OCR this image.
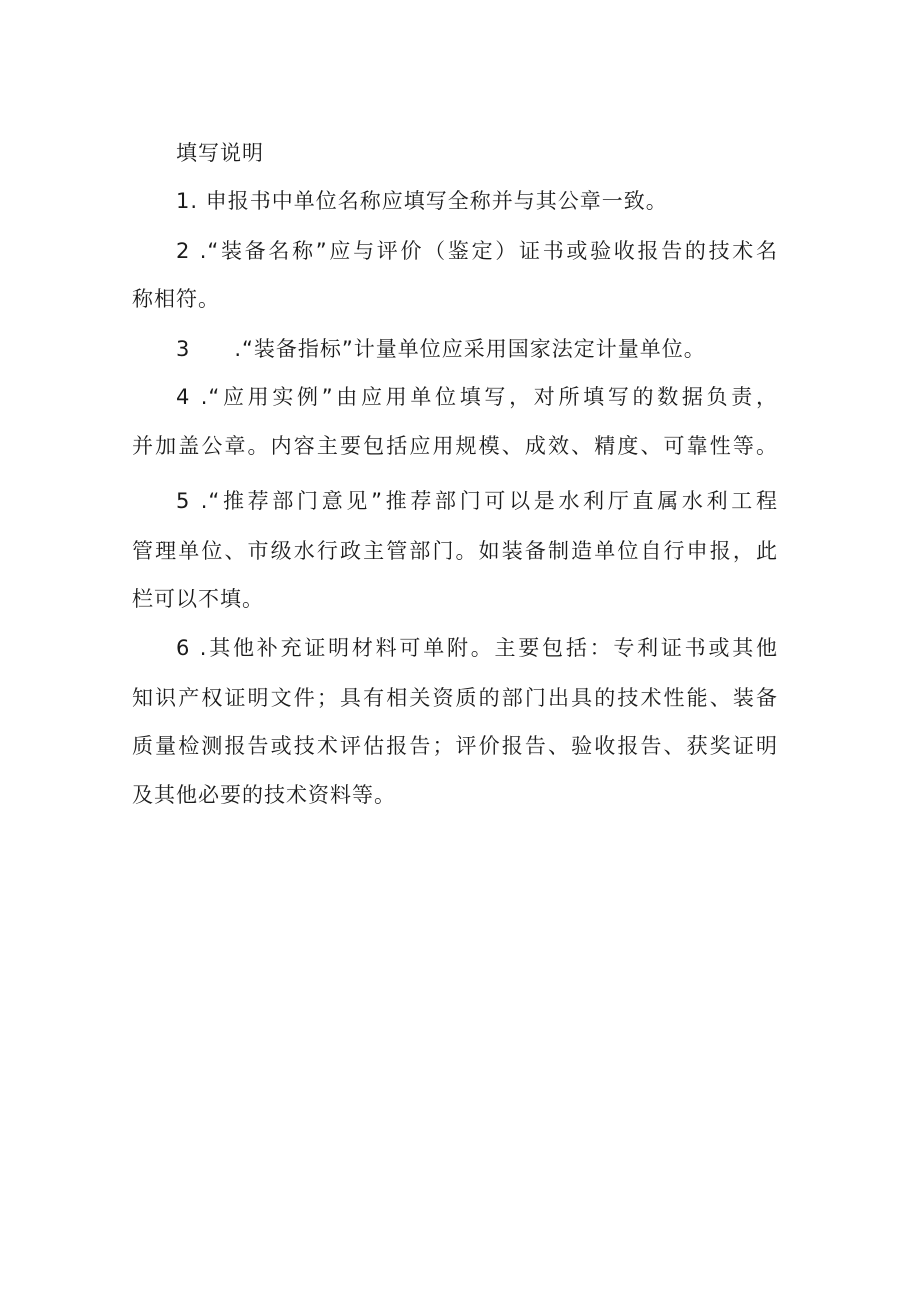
填写说明

1. 申报书中单位名称应填写全称并与其公章一致。

2 .“装备名称”应与评价（鉴定）证书或验收报告的技术名

称相符。

3　　.“装备指标”计量单位应采用国家法定计量单位。

4 .“应用实例”由应用单位填写，对所填写的数据负责，

并加盖公章。内容主要包括应用规模、成效、精度、可靠性等。

5 .“推荐部门意见”推荐部门可以是水利厅直属水利工程

管理单位、市级水行政主管部门。如装备制造单位自行申报，此

栏可以不填。

6 .其他补充证明材料可单附。主要包括：专利证书或其他

知识产权证明文件；具有相关资质的部门出具的技术性能、装备

质量检测报告或技术评估报告；评价报告、验收报告、获奖证明

及其他必要的技术资料等。
